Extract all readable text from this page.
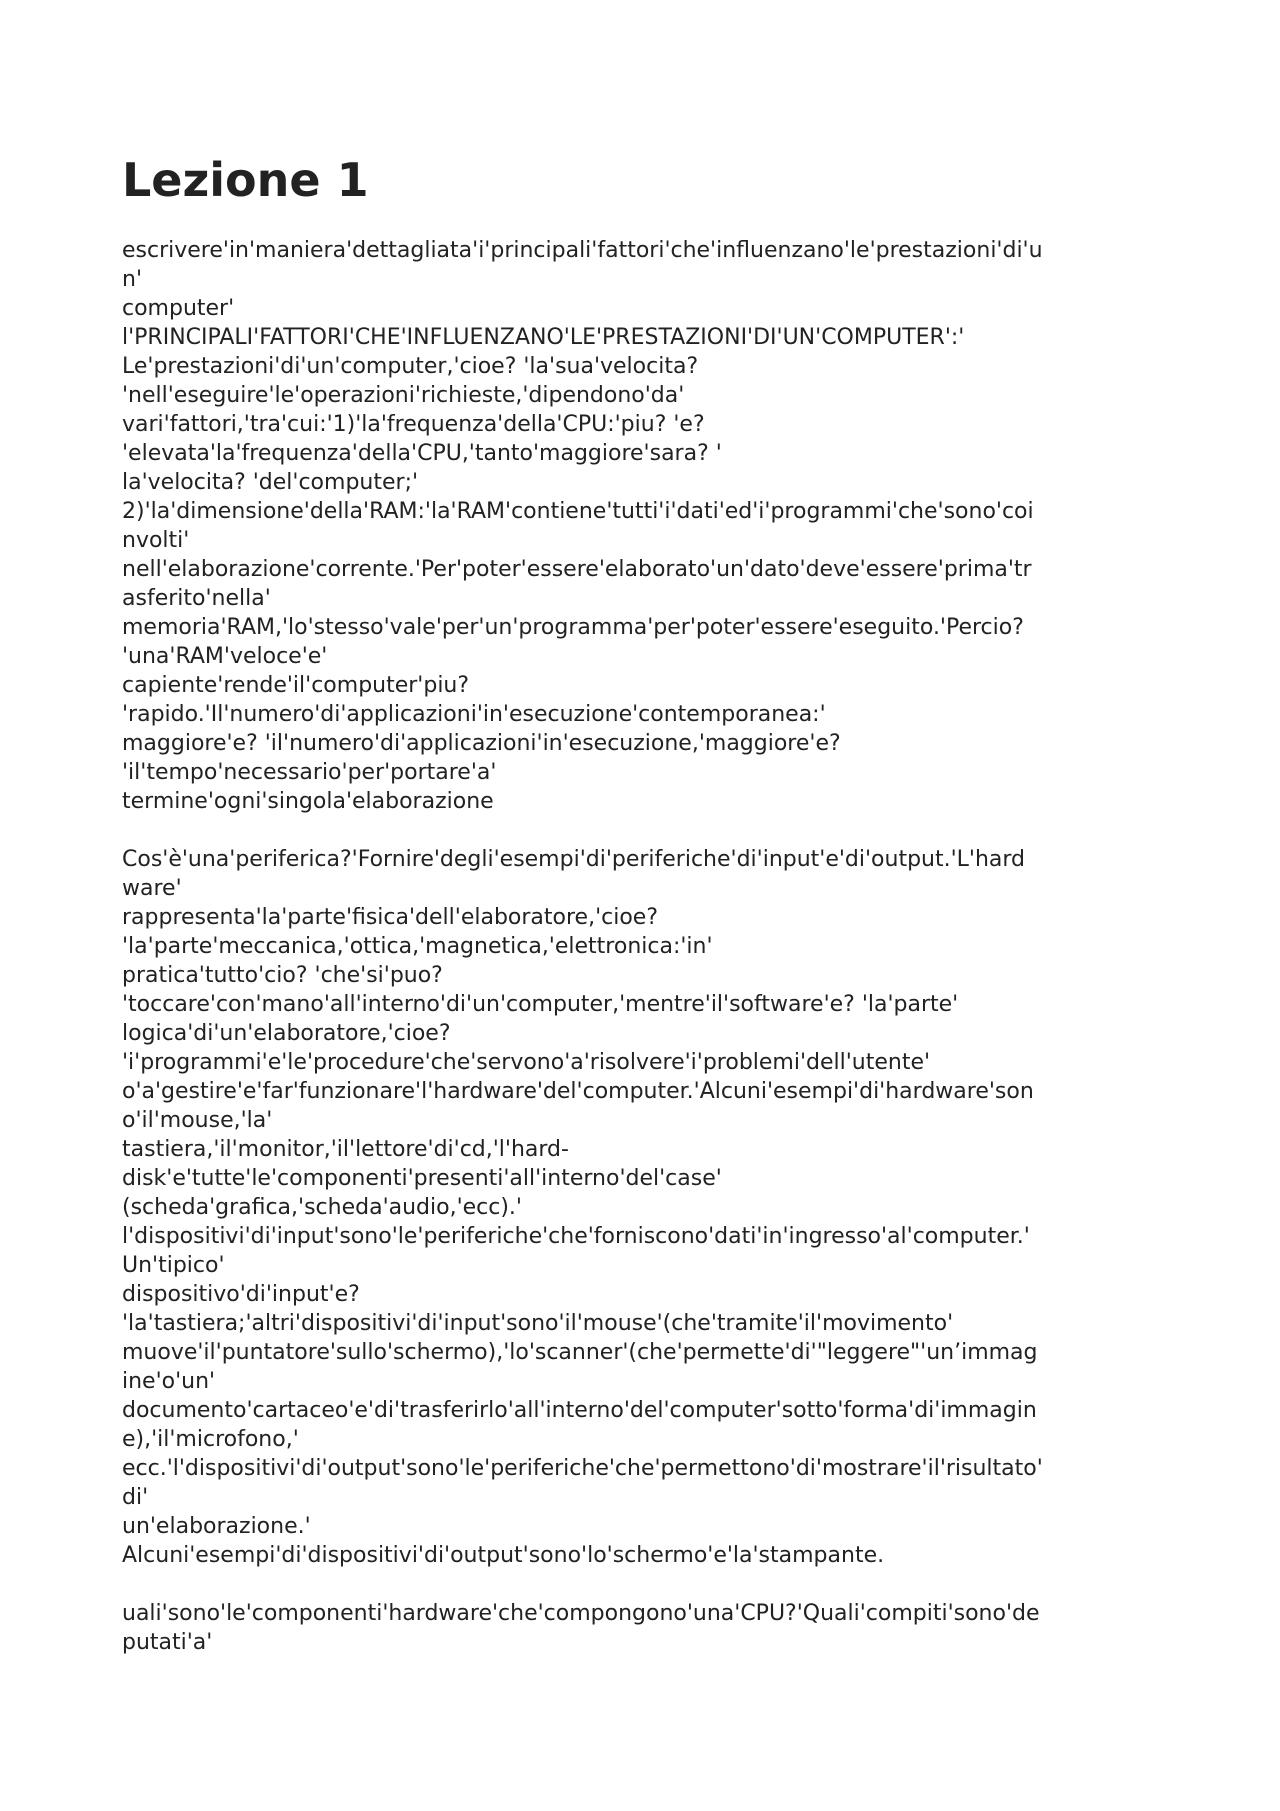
Lezione 1

escrivere'in'maniera'dettagliata'i'principali'fattori'che'influenzano'le'prestazioni'di'u
n'
computer'
l'PRINCIPALI'FATTORI'CHE'INFLUENZANO'LE'PRESTAZIONI'DI'UN'COMPUTER':'
Le'prestazioni'di'un'computer,'cioe? 'la'sua'velocita?
'nell'eseguire'le'operazioni'richieste,'dipendono'da'
vari'fattori,'tra'cui:'1)'la'frequenza'della'CPU:'piu? 'e?
'elevata'la'frequenza'della'CPU,'tanto'maggiore'sara? '
la'velocita? 'del'computer;'
2)'la'dimensione'della'RAM:'la'RAM'contiene'tutti'i'dati'ed'i'programmi'che'sono'coi
nvolti'
nell'elaborazione'corrente.'Per'poter'essere'elaborato'un'dato'deve'essere'prima'tr
asferito'nella'
memoria'RAM,'lo'stesso'vale'per'un'programma'per'poter'essere'eseguito.'Percio?
'una'RAM'veloce'e'
capiente'rende'il'computer'piu?
'rapido.'Il'numero'di'applicazioni'in'esecuzione'contemporanea:'
maggiore'e? 'il'numero'di'applicazioni'in'esecuzione,'maggiore'e?
'il'tempo'necessario'per'portare'a'
termine'ogni'singola'elaborazione

Cos'è'una'periferica?'Fornire'degli'esempi'di'periferiche'di'input'e'di'output.'L'hard
ware'
rappresenta'la'parte'fisica'dell'elaboratore,'cioe?
'la'parte'meccanica,'ottica,'magnetica,'elettronica:'in'
pratica'tutto'cio? 'che'si'puo?
'toccare'con'mano'all'interno'di'un'computer,'mentre'il'software'e? 'la'parte'
logica'di'un'elaboratore,'cioe?
'i'programmi'e'le'procedure'che'servono'a'risolvere'i'problemi'dell'utente'
o'a'gestire'e'far'funzionare'l'hardware'del'computer.'Alcuni'esempi'di'hardware'son
o'il'mouse,'la'
tastiera,'il'monitor,'il'lettore'di'cd,'l'hard-
disk'e'tutte'le'componenti'presenti'all'interno'del'case'
(scheda'grafica,'scheda'audio,'ecc).'
l'dispositivi'di'input'sono'le'periferiche'che'forniscono'dati'in'ingresso'al'computer.'
Un'tipico'
dispositivo'di'input'e?
'la'tastiera;'altri'dispositivi'di'input'sono'il'mouse'(che'tramite'il'movimento'
muove'il'puntatore'sullo'schermo),'lo'scanner'(che'permette'di'"leggere"'un’immag
ine'o'un'
documento'cartaceo'e'di'trasferirlo'all'interno'del'computer'sotto'forma'di'immagin
e),'il'microfono,'
ecc.'l'dispositivi'di'output'sono'le'periferiche'che'permettono'di'mostrare'il'risultato'
di'
un'elaborazione.'
Alcuni'esempi'di'dispositivi'di'output'sono'lo'schermo'e'la'stampante.

uali'sono'le'componenti'hardware'che'compongono'una'CPU?'Quali'compiti'sono'de
putati'a'
